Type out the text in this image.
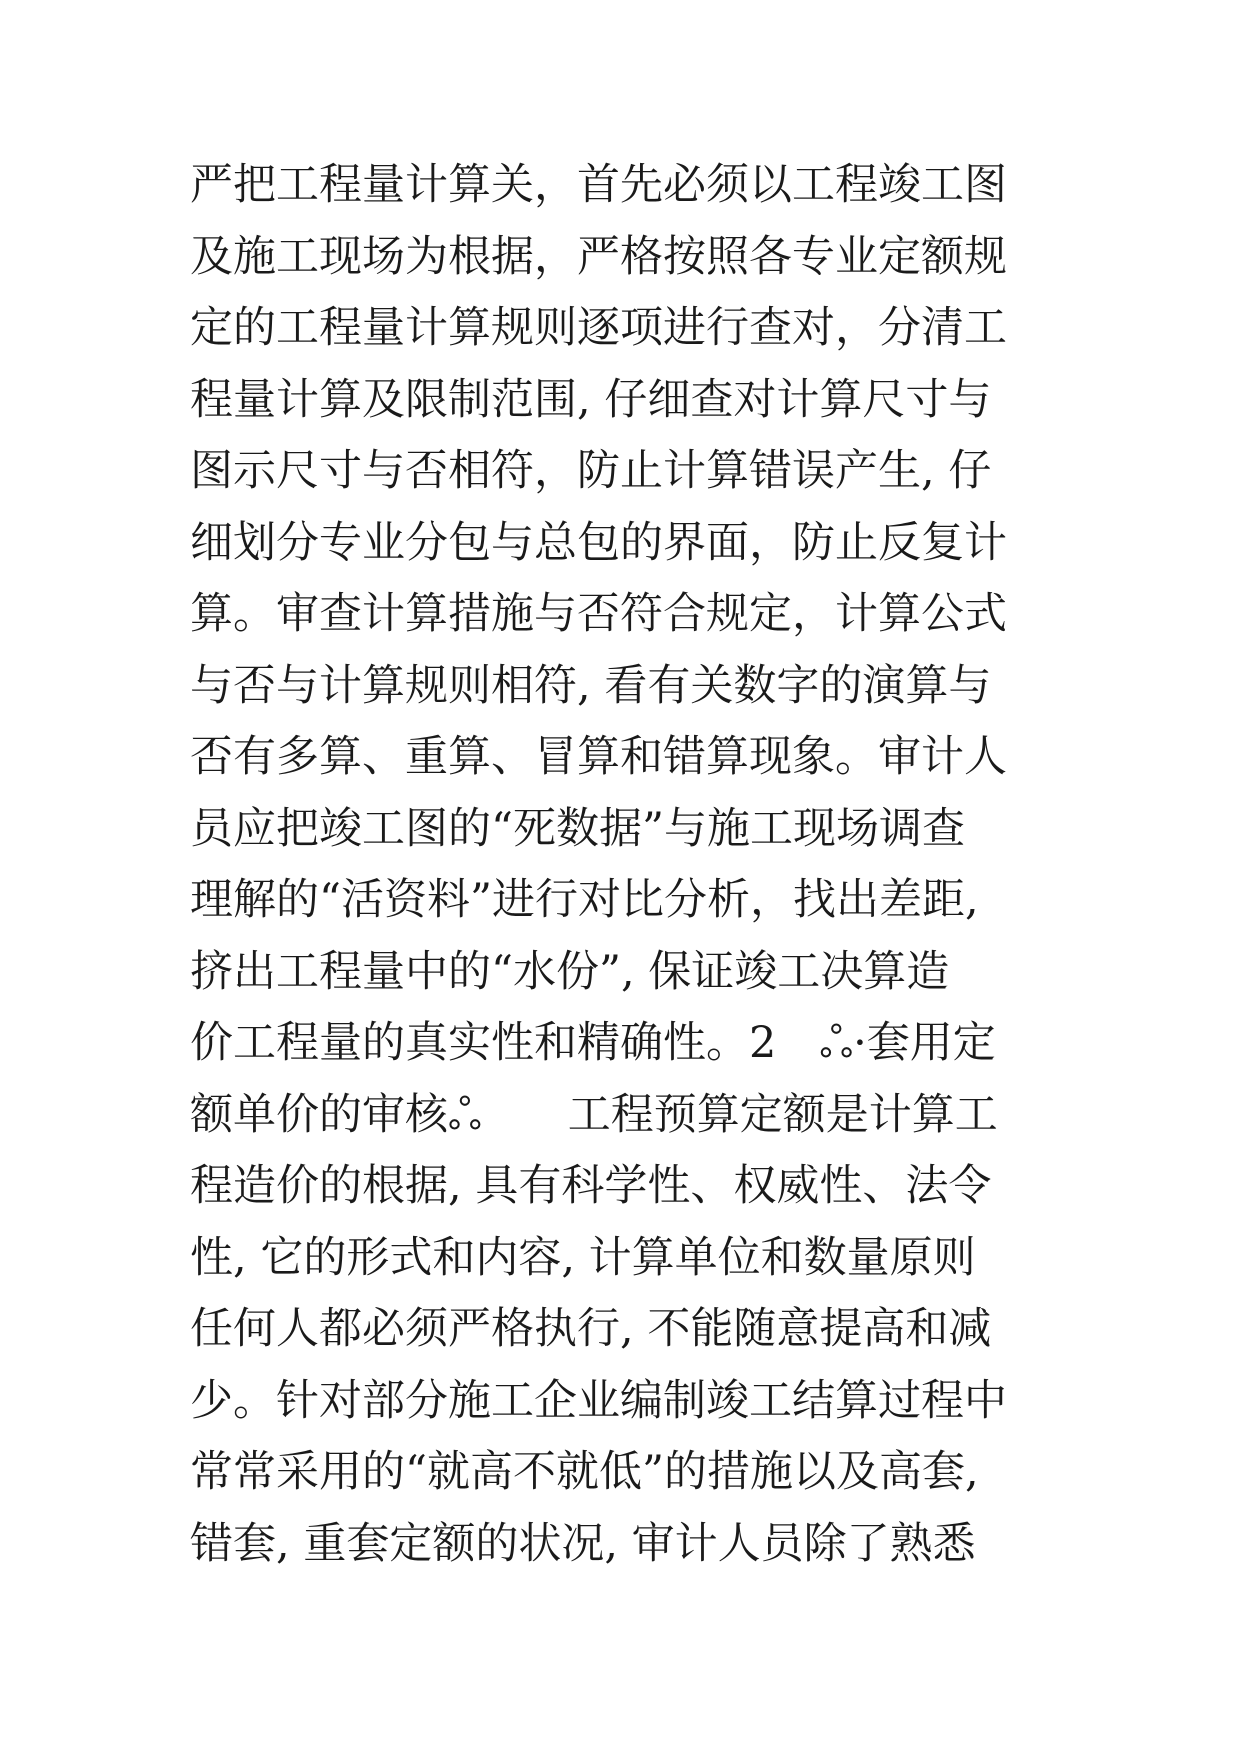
严把工程量计算关，首先必须以工程竣工图
及施工现场为根据，严格按照各专业定额规
定的工程量计算规则逐项进行查对，分清工
程量计算及限制范围, 仔细查对计算尺寸与
图示尺寸与否相符，防止计算错误产生, 仔
细划分专业分包与总包的界面，防止反复计
算。审查计算措施与否符合规定，计算公式
与否与计算规则相符, 看有关数字的演算与
否有多算、重算、冒算和错算现象。审计人
员应把竣工图的“死数据”与施工现场调查
理解的“活资料”进行对比分析，找出差距,
挤出工程量中的“水份”, 保证竣工决算造
价工程量的真实性和精确性。2　ஃ·套用定
额单价的审核ஃ　　工程预算定额是计算工
程造价的根据, 具有科学性、权威性、法令
性, 它的形式和内容, 计算单位和数量原则
任何人都必须严格执行, 不能随意提高和减
少。针对部分施工企业编制竣工结算过程中
常常采用的“就高不就低”的措施以及高套,
错套, 重套定额的状况, 审计人员除了熟悉
